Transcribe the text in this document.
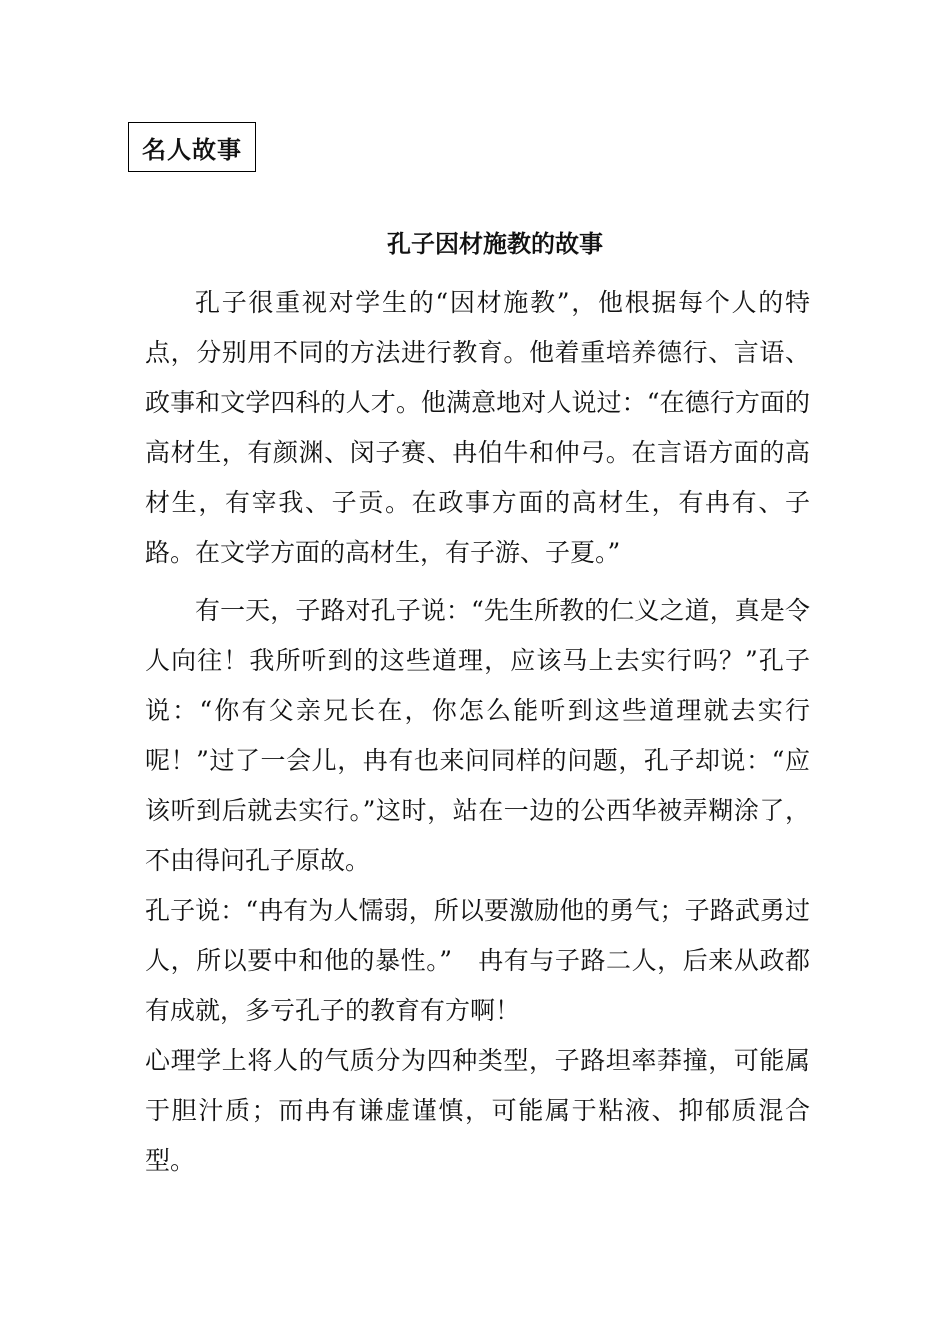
名人故事
孔子因材施教的故事

孔子很重视对学生的“因材施教”，他根据每个人的特点，分别用不同的方法进行教育。他着重培养德行、言语、政事和文学四科的人才。他满意地对人说过：“在德行方面的高材生，有颜渊、闵子赛、冉伯牛和仲弓。在言语方面的高材生，有宰我、子贡。在政事方面的高材生，有冉有、子路。在文学方面的高材生，有子游、子夏。”

有一天，子路对孔子说：“先生所教的仁义之道，真是令人向往！我所听到的这些道理，应该马上去实行吗？”孔子说：“你有父亲兄长在，你怎么能听到这些道理就去实行呢！”过了一会儿，冉有也来问同样的问题，孔子却说：“应该听到后就去实行。”这时，站在一边的公西华被弄糊涂了，不由得问孔子原故。

孔子说：“冉有为人懦弱，所以要激励他的勇气；子路武勇过人，所以要中和他的暴性。”　冉有与子路二人，后来从政都有成就，多亏孔子的教育有方啊！

心理学上将人的气质分为四种类型，子路坦率莽撞，可能属于胆汁质；而冉有谦虚谨慎，可能属于粘液、抑郁质混合型。
